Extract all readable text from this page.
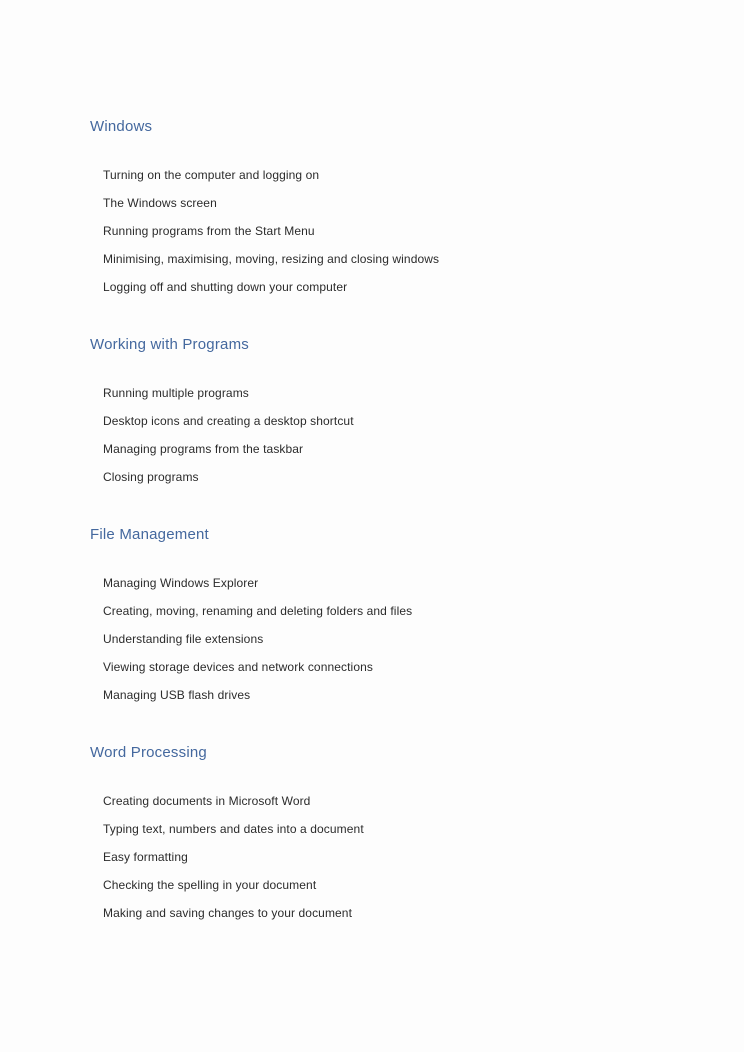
Windows
Turning on the computer and logging on
The Windows screen
Running programs from the Start Menu
Minimising, maximising, moving, resizing and closing windows
Logging off and shutting down your computer
Working with Programs
Running multiple programs
Desktop icons and creating a desktop shortcut
Managing programs from the taskbar
Closing programs
File Management
Managing Windows Explorer
Creating, moving, renaming and deleting folders and files
Understanding file extensions
Viewing storage devices and network connections
Managing USB flash drives
Word Processing
Creating documents in Microsoft Word
Typing text, numbers and dates into a document
Easy formatting
Checking the spelling in your document
Making and saving changes to your document
